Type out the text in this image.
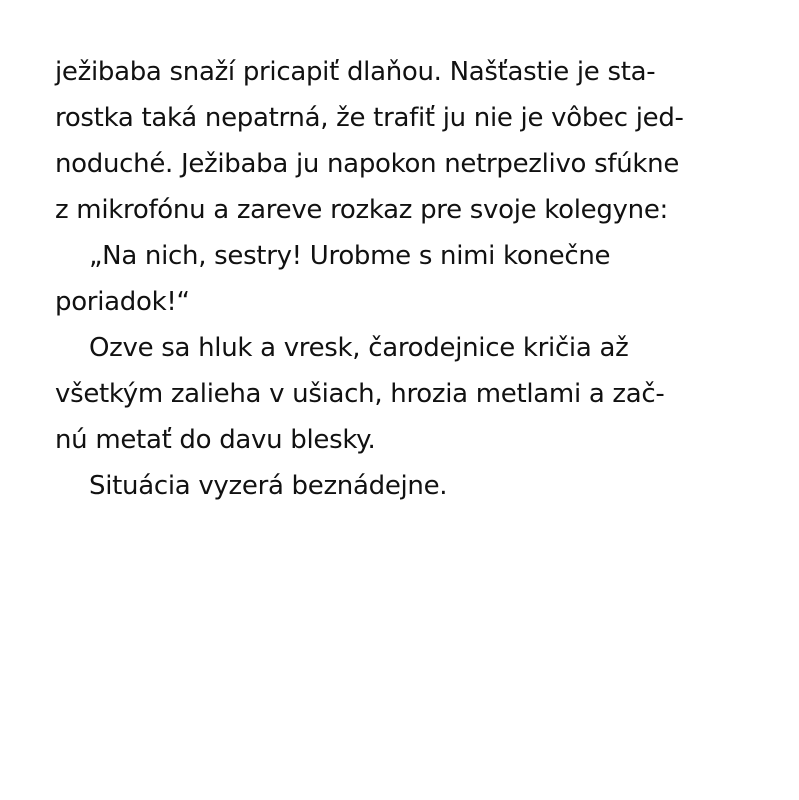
ježibaba snaží pricapiť dlaňou. Našťastie je sta-
rostka taká nepatrná, že trafiť ju nie je vôbec jed-
noduché. Ježibaba ju napokon netrpezlivo sfúkne
z mikrofónu a zareve rozkaz pre svoje kolegyne:
„Na nich, sestry! Urobme s nimi konečne
poriadok!“
Ozve sa hluk a vresk, čarodejnice kričia až
všetkým zalieha v ušiach, hrozia metlami a zač-
nú metať do davu blesky.
Situácia vyzerá beznádejne.
